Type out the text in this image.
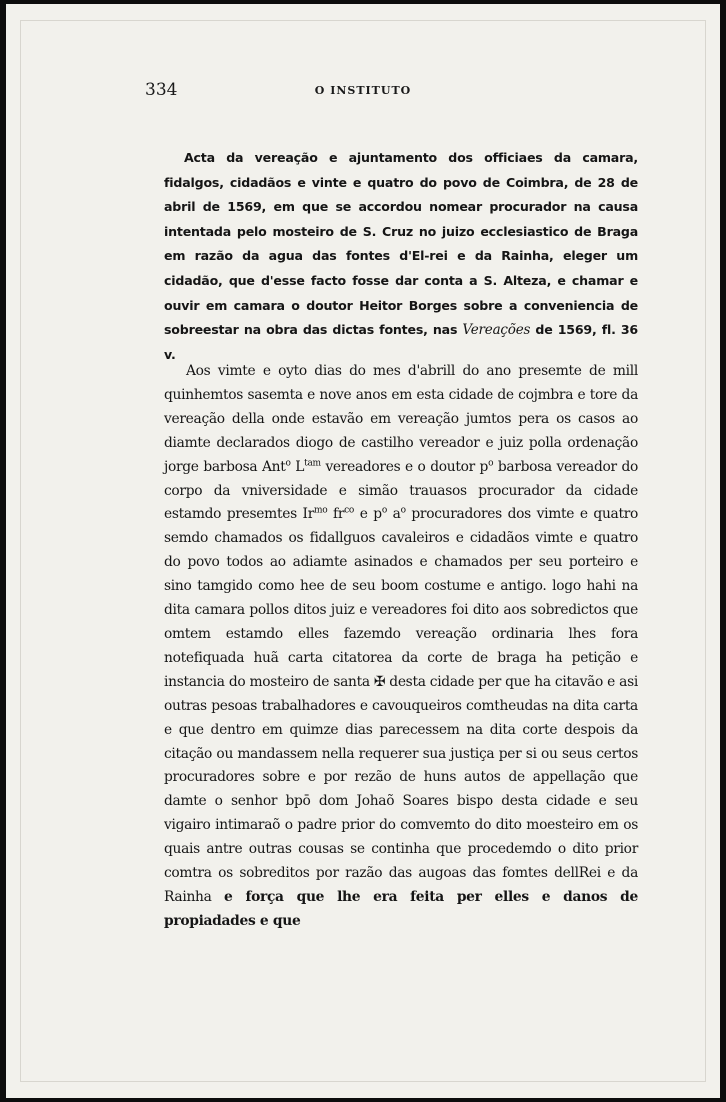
334	O INSTITUTO
Acta da vereação e ajuntamento dos officiaes da camara, fidalgos, cidadãos e vinte e quatro do povo de Coimbra, de 28 de abril de 1569, em que se accordou nomear procurador na causa intentada pelo mosteiro de S. Cruz no juizo ecclesiastico de Braga em razão da agua das fontes d'El-rei e da Rainha, eleger um cidadão, que d'esse facto fosse dar conta a S. Alteza, e chamar e ouvir em camara o doutor Heitor Borges sobre a conveniencia de sobreestar na obra das dictas fontes, nas Vereações de 1569, fl. 36 v.
Aos vimte e oyto dias do mes d'abrill do ano presemte de mill quinhemtos sasemta e nove anos em esta cidade de cojmbra e tore da vereação della onde estavão em vereação jumtos pera os casos ao diamte declarados diogo de castilho vereador e juiz polla ordenação jorge barbosa Ant$^o$ $L^{tam}$ vereadores e o doutor $p^o$ barbosa vereador do corpo da vniversidade e simão trauasos procurador da cidade estamdo presemtes $Ir^{mo}$ $fr^{co}$ e $p^o$ $a^o$ procuradores dos vimte e quatro semdo chamados os fidallguos cavaleiros e cidadãos vimte e quatro do povo todos ao adiamte asinados e chamados per seu porteiro e sino tamgido como hee de seu boom costume e antigo. logo hahi na dita camara pollos ditos juiz e vereadores foi dito aos sobredictos que omtem estamdo elles fazemdo vereação ordinaria lhes fora notefiquada huã carta citatorea da corte de braga ha petição e instancia do mosteiro de santa ✠ desta cidade per que ha citavão e asi outras pesoas trabalhadores e cavouqueiros comtheudas na dita carta e que dentro em quimze dias parecessem na dita corte despois da citação ou mandassem nella requerer sua justiça per si ou seus certos procuradores sobre e por rezão de huns autos de appellação que damte o senhor bpō dom Johaõ Soares bispo desta cidade e seu vigairo intimaraõ o padre prior do comvemto do dito moesteiro em os quais antre outras cousas se continha que procedemdo o dito prior comtra os sobreditos por razão das augoas das fomtes dellRei e da Rainha e força que lhe era feita per elles e danos de propiadades e que
